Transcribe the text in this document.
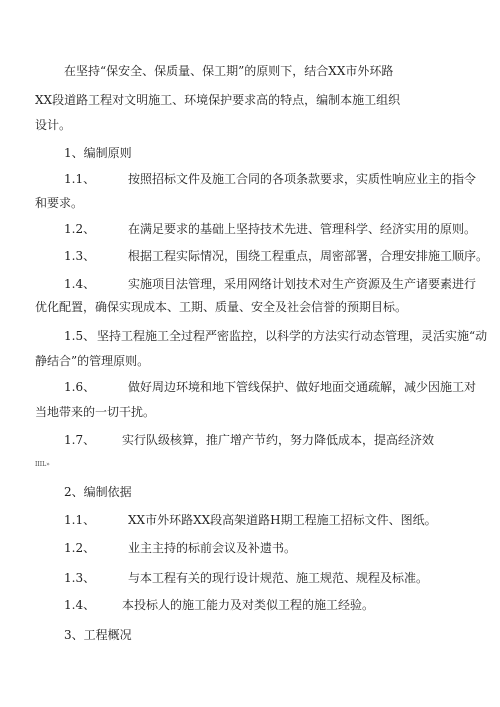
在坚持“保安全、保质量、保工期”的原则下，结合XX市外环路
XX段道路工程对文明施工、环境保护要求高的特点，编制本施工组织
设计。
1、编制原则
1.1、	按照招标文件及施工合同的各项条款要求，实质性响应业主的指令
和要求。
1.2、	在满足要求的基础上坚持技术先进、管理科学、经济实用的原则。
1.3、	根据工程实际情况，围绕工程重点，周密部署，合理安排施工顺序。
1.4、	实施项目法管理，采用网络计划技术对生产资源及生产诸要素进行
优化配置，确保实现成本、工期、质量、安全及社会信誉的预期目标。
1.5、 坚持工程施工全过程严密监控，以科学的方法实行动态管理，灵活实施“动
静结合”的管理原则。
1.6、	做好周边环境和地下管线保护、做好地面交通疏解，减少因施工对
当地带来的一切干扰。
1.7、 实行队级核算，推广增产节约，努力降低成本，提高经济效
IIIL»
2、编制依据
1.1、	XX市外环路XX段高架道路H期工程施工招标文件、图纸。
1.2、	业主主持的标前会议及补遗书。
1.3、	与本工程有关的现行设计规范、施工规范、规程及标准。
1.4、 本投标人的施工能力及对类似工程的施工经验。
3、工程概况
